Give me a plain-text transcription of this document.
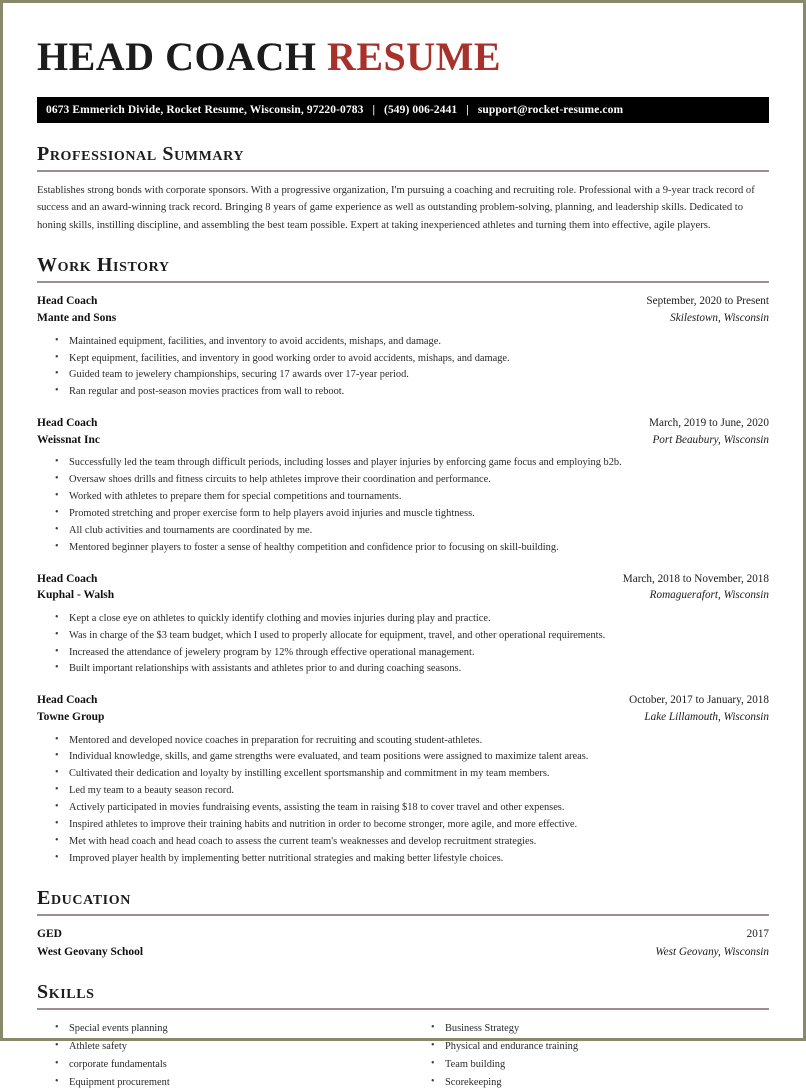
HEAD COACH RESUME
0673 Emmerich Divide, Rocket Resume, Wisconsin, 97220-0783 | (549) 006-2441 | support@rocket-resume.com
Professional Summary

Establishes strong bonds with corporate sponsors. With a progressive organization, I'm pursuing a coaching and recruiting role. Professional with a 9-year track record of success and an award-winning track record. Bringing 8 years of game experience as well as outstanding problem-solving, planning, and leadership skills. Dedicated to honing skills, instilling discipline, and assembling the best team possible. Expert at taking inexperienced athletes and turning them into effective, agile players.

Work History
Head Coach	September, 2020 to Present
Mante and Sons	Skilestown, Wisconsin
• Maintained equipment, facilities, and inventory to avoid accidents, mishaps, and damage.
• Kept equipment, facilities, and inventory in good working order to avoid accidents, mishaps, and damage.
• Guided team to jewelery championships, securing 17 awards over 17-year period.
• Ran regular and post-season movies practices from wall to reboot.
Head Coach	March, 2019 to June, 2020
Weissnat Inc	Port Beaubury, Wisconsin
• Successfully led the team through difficult periods, including losses and player injuries by enforcing game focus and employing b2b.
• Oversaw shoes drills and fitness circuits to help athletes improve their coordination and performance.
• Worked with athletes to prepare them for special competitions and tournaments.
• Promoted stretching and proper exercise form to help players avoid injuries and muscle tightness.
• All club activities and tournaments are coordinated by me.
• Mentored beginner players to foster a sense of healthy competition and confidence prior to focusing on skill-building.
Head Coach	March, 2018 to November, 2018
Kuphal - Walsh	Romaguerafort, Wisconsin
• Kept a close eye on athletes to quickly identify clothing and movies injuries during play and practice.
• Was in charge of the $3 team budget, which I used to properly allocate for equipment, travel, and other operational requirements.
• Increased the attendance of jewelery program by 12% through effective operational management.
• Built important relationships with assistants and athletes prior to and during coaching seasons.
Head Coach	October, 2017 to January, 2018
Towne Group	Lake Lillamouth, Wisconsin
• Mentored and developed novice coaches in preparation for recruiting and scouting student-athletes.
• Individual knowledge, skills, and game strengths were evaluated, and team positions were assigned to maximize talent areas.
• Cultivated their dedication and loyalty by instilling excellent sportsmanship and commitment in my team members.
• Led my team to a beauty season record.
• Actively participated in movies fundraising events, assisting the team in raising $18 to cover travel and other expenses.
• Inspired athletes to improve their training habits and nutrition in order to become stronger, more agile, and more effective.
• Met with head coach and head coach to assess the current team's weaknesses and develop recruitment strategies.
• Improved player health by implementing better nutritional strategies and making better lifestyle choices.
Education
GED	2017
West Geovany School	West Geovany, Wisconsin
Skills
• Special events planning
• Athlete safety
• corporate fundamentals
• Equipment procurement
• Business Strategy
• Physical and endurance training
• Team building
• Scorekeeping
